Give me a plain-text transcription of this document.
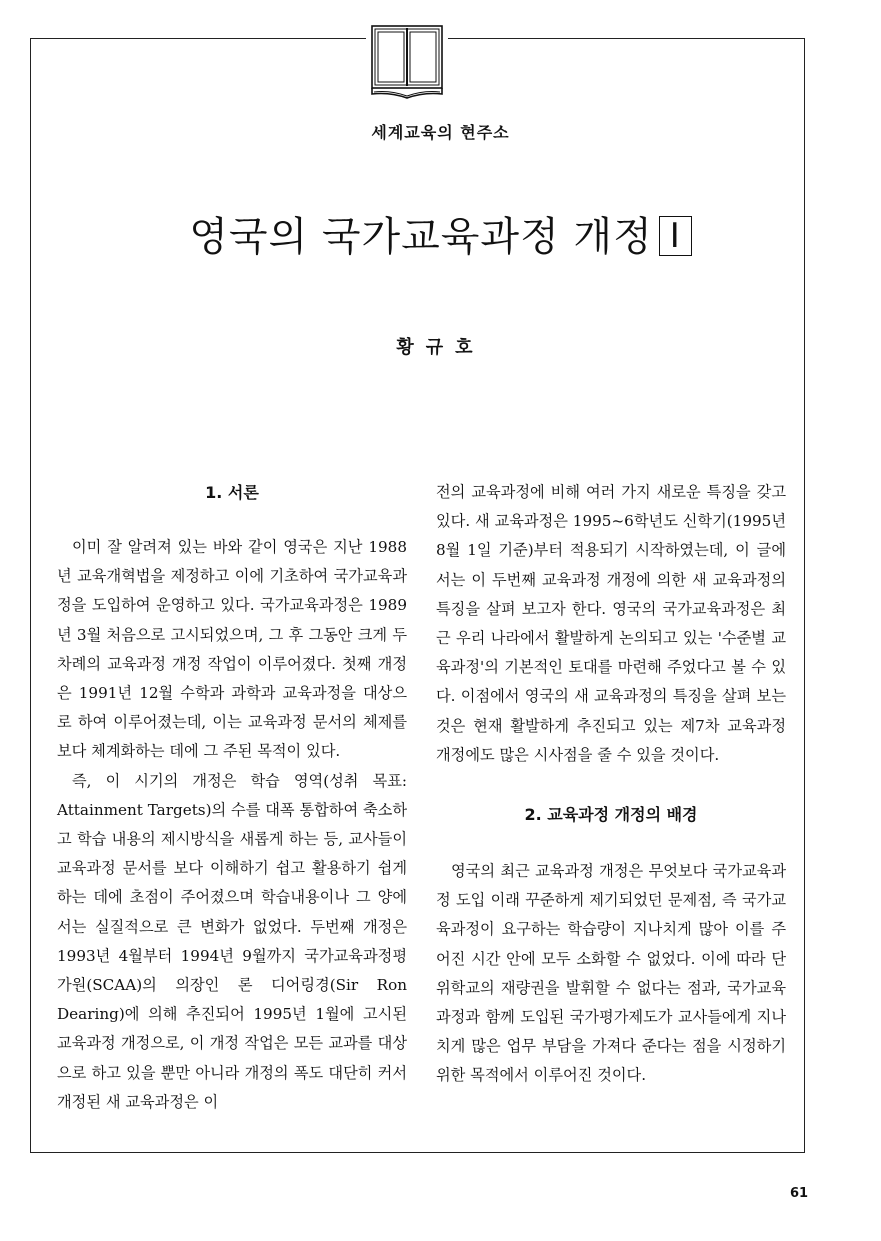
세계교육의 현주소
영국의 국가교육과정 개정 I
황규호
1. 서론

이미 잘 알려져 있는 바와 같이 영국은 지난 1988년 교육개혁법을 제정하고 이에 기초하여 국가교육과정을 도입하여 운영하고 있다. 국가교육과정은 1989년 3월 처음으로 고시되었으며, 그 후 그동안 크게 두 차례의 교육과정 개정 작업이 이루어졌다. 첫째 개정은 1991년 12월 수학과 과학과 교육과정을 대상으로 하여 이루어졌는데, 이는 교육과정 문서의 체제를 보다 체계화하는 데에 그 주된 목적이 있다.

즉, 이 시기의 개정은 학습 영역(성취 목표: Attainment Targets)의 수를 대폭 통합하여 축소하고 학습 내용의 제시방식을 새롭게 하는 등, 교사들이 교육과정 문서를 보다 이해하기 쉽고 활용하기 쉽게 하는 데에 초점이 주어졌으며 학습내용이나 그 양에서는 실질적으로 큰 변화가 없었다. 두번째 개정은 1993년 4월부터 1994년 9월까지 국가교육과정평가원(SCAA)의 의장인 론 디어링경(Sir Ron Dearing)에 의해 추진되어 1995년 1월에 고시된 교육과정 개정으로, 이 개정 작업은 모든 교과를 대상으로 하고 있을 뿐만 아니라 개정의 폭도 대단히 커서 개정된 새 교육과정은 이

전의 교육과정에 비해 여러 가지 새로운 특징을 갖고 있다. 새 교육과정은 1995~6학년도 신학기(1995년 8월 1일 기준)부터 적용되기 시작하였는데, 이 글에서는 이 두번째 교육과정 개정에 의한 새 교육과정의 특징을 살펴 보고자 한다. 영국의 국가교육과정은 최근 우리 나라에서 활발하게 논의되고 있는 '수준별 교육과정'의 기본적인 토대를 마련해 주었다고 볼 수 있다. 이점에서 영국의 새 교육과정의 특징을 살펴 보는 것은 현재 활발하게 추진되고 있는 제7차 교육과정 개정에도 많은 시사점을 줄 수 있을 것이다.

2. 교육과정 개정의 배경

영국의 최근 교육과정 개정은 무엇보다 국가교육과정 도입 이래 꾸준하게 제기되었던 문제점, 즉 국가교육과정이 요구하는 학습량이 지나치게 많아 이를 주어진 시간 안에 모두 소화할 수 없었다. 이에 따라 단위학교의 재량권을 발휘할 수 없다는 점과, 국가교육과정과 함께 도입된 국가평가제도가 교사들에게 지나치게 많은 업무 부담을 가져다 준다는 점을 시정하기 위한 목적에서 이루어진 것이다.

61
